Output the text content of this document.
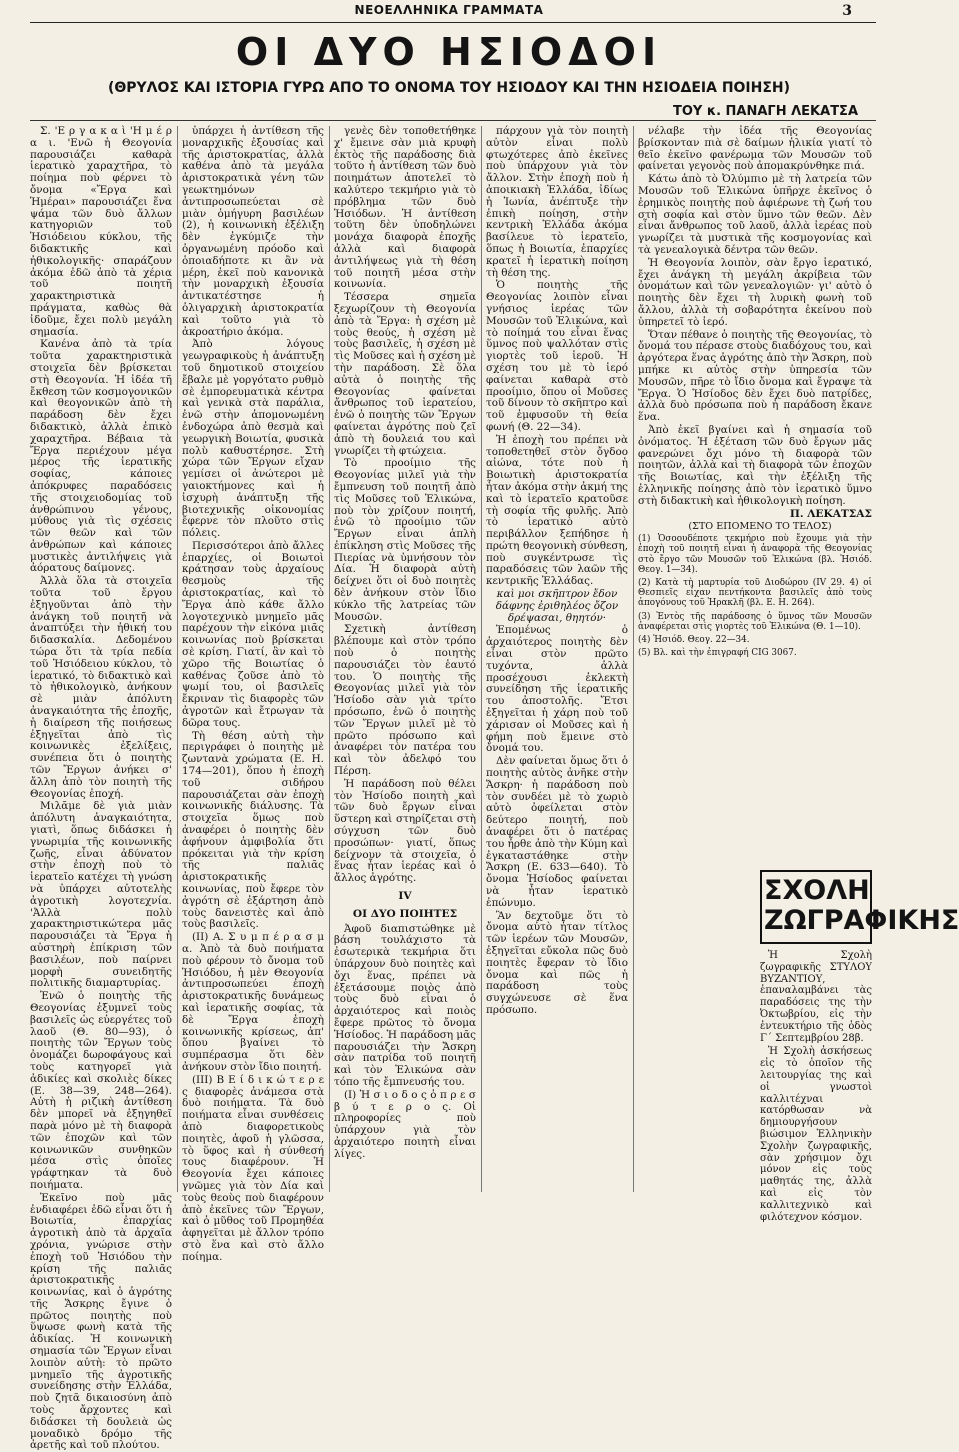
ΝΕΟΕΛΛΗΝΙΚΑ ΓΡΑΜΜΑΤΑ	3
ΟΙ ΔΥΟ ΗΣΙΟΔΟΙ
(ΘΡΥΛΟΣ ΚΑΙ ΙΣΤΟΡΙΑ ΓΥΡΩ ΑΠΟ ΤΟ ΟΝΟΜΑ ΤΟΥ ΗΣΙΟΔΟΥ ΚΑΙ ΤΗΝ ΗΣΙΟΔΕΙΑ ΠΟΙΗΣΗ)
ΤΟΥ κ. ΠΑΝΑΓΗ ΛΕΚΑΤΣΑ

Σ. 'Ε ρ γ α κ α ὶ 'Η μ έ ρ α ι. 'Ενῶ ἡ Θεογονία παρουσιάζει καθαρὰ ἱερατικὸ χαραχτῆρα, τὸ ποίημα ποὺ φέρνει τὸ ὄνομα «Ἔργα καὶ Ἡμέραι» παρουσιάζει ἕνα ψάμα τῶν δυὸ ἄλλων κατηγοριῶν τοῦ Ἡσιόδειου κύκλου, τῆς διδακτικῆς καὶ ἠθικολογικῆς· σπαράζουν ἀκόμα ἐδῶ ἀπὸ τὰ χέρια τοῦ ποιητῆ χαρακτηριστικὰ πράγματα, καθὼς θὰ ἰδοῦμε, ἔχει πολὺ μεγάλη σημασία.

Κανένα ἀπὸ τὰ τρία τοῦτα χαρακτηριστικὰ στοιχεῖα δὲν βρίσκεται στὴ Θεογονία. Ἡ ἰδέα τῆ ἔκθεση τῶν κοσμογονικῶν καὶ θεογονικῶν ἀπὸ τὴ παράδοση δὲν ἔχει διδακτικὸ, ἀλλὰ ἐπικὸ χαραχτῆρα. Βέβαια τὰ Ἔργα περιέχουν μέγα μέρος τῆς ἱερατικῆς σοφίας, κάποιες ἀπόκρυφες παραδόσεις τῆς στοιχειοδομίας τοῦ ἀνθρώπινου γένους, μύθους γιὰ τὶς σχέσεις τῶν θεῶν καὶ τῶν ἀνθρώπων καὶ κάποιες μυστικὲς ἀντιλήψεις γιὰ ἀόρατους δαίμονες.

Ἀλλὰ ὅλα τὰ στοιχεῖα τοῦτα τοῦ ἔργου ἐξηγοῦνται ἀπὸ τὴν ἀνάγκη τοῦ ποιητῆ νὰ ἀναπτύξει τὴν ἠθική του διδασκαλία. Δεδομένου τώρα ὅτι τὰ τρία πεδία τοῦ Ἡσιόδειου κύκλου, τὸ ἱερατικό, τὸ διδακτικὸ καὶ τὸ ἠθικολογικὸ, ἀνήκουν σὲ μιὰν ἀπόλυτη ἀναγκαιότητα τῆς ἐποχῆς, ἡ διαίρεση τῆς ποιήσεως ἐξηγεῖται ἀπὸ τὶς κοινωνικὲς ἐξελίξεις, συνέπεια ὅτι ὁ ποιητὴς τῶν Ἔργων ἀνήκει σ' ἄλλη ἀπὸ τὸν ποιητὴ τῆς Θεογονίας ἐποχή.

Μιλᾶμε δὲ γιὰ μιὰν ἀπόλυτη ἀναγκαιότητα, γιατὶ, ὅπως διδάσκει ἡ γνωριμία τῆς κοινωνικῆς ζωῆς, εἶναι ἀδύνατον στὴν ἐποχὴ ποὺ τὸ ἱερατεῖο κατέχει τὴ γνώση νὰ ὑπάρχει αὐτοτελὴς ἀγροτικὴ λογοτεχνία. 'Ἀλλὰ πολὺ χαρακτηριστικώτερα μᾶς παρουσιάζει τὰ Ἔργα ἡ αὐστηρὴ ἐπίκριση τῶν βασιλέων, ποὺ παίρνει μορφὴ συνειδητῆς πολιτικῆς διαμαρτυρίας.

Ἐνῶ ὁ ποιητὴς τῆς Θεογονίας ἐξυμνεῖ τοὺς βασιλεῖς ὡς εὐεργέτες τοῦ λαοῦ (Θ. 80—93), ὁ ποιητὴς τῶν Ἔργων τοὺς ὀνομάζει δωροφάγους καὶ τοὺς κατηγορεῖ γιὰ ἀδικίες καὶ σκολιὲς δίκες (Ε. 38—39, 248—264). Αὐτὴ ἡ ριζικὴ ἀντίθεση δὲν μπορεῖ νὰ ἐξηγηθεῖ παρὰ μόνο μὲ τὴ διαφορὰ τῶν ἐποχῶν καὶ τῶν κοινωνικῶν συνθηκῶν μέσα στὶς ὁποῖες γράφτηκαν τὰ δυὸ ποιήματα.

Ἐκεῖνο ποὺ μᾶς ἐνδιαφέρει ἐδῶ εἶναι ὅτι ἡ Βοιωτία, ἐπαρχίας ἀγροτικὴ ἀπὸ τὰ ἀρχαῖα χρόνια, γνώρισε στὴν ἐποχὴ τοῦ Ἡσιόδου τὴν κρίση τῆς παλιᾶς ἀριστοκρατικῆς κοινωνίας, καὶ ὁ ἀγρότης τῆς Ἄσκρης ἔγινε ὁ πρῶτος ποιητὴς ποὺ ὕψωσε φωνὴ κατὰ τῆς ἀδικίας. Ἡ κοινωνικὴ σημασία τῶν Ἔργων εἶναι λοιπὸν αὐτὴ: τὸ πρῶτο μνημεῖο τῆς ἀγροτικῆς συνείδησης στὴν Ἑλλάδα, ποὺ ζητᾶ δικαιοσύνη ἀπὸ τοὺς ἄρχοντες καὶ διδάσκει τὴ δουλειὰ ὡς μοναδικὸ δρόμο τῆς ἀρετῆς καὶ τοῦ πλούτου.

ὑπάρχει ἡ ἀντίθεση τῆς μοναρχικῆς ἐξουσίας καὶ τῆς ἀριστοκρατίας, ἀλλὰ καθένα ἀπὸ τὰ μεγάλα ἀριστοκρατικὰ γένη τῶν γεωκτημόνων ἀντιπροσωπεύεται σὲ μιὰν ὁμήγυρη βασιλέων (2), ἡ κοινωνικὴ ἐξέλιξη δὲν ἐγκύμιζε τὴν ὀργανωμένη πρόοδο καὶ ὁποιαδήποτε κι ἂν νὰ μέρη, ἐκεῖ ποὺ κανονικὰ τὴν μοναρχικὴ ἐξουσία ἀντικατέστησε ἡ ὀλιγαρχικὴ ἀριστοκρατία καὶ τοῦτο γιὰ τὸ ἀκροατήριο ἀκόμα.

Ἀπὸ λόγους γεωγραφικοὺς ἡ ἀνάπτυξη τοῦ δημοτικοῦ στοιχείου ἔβαλε μὲ γοργότατο ρυθμὸ σὲ ἐμπορευματικὰ κέντρα καὶ γενικὰ στὰ παράλια, ἐνῶ στὴν ἀπομονωμένη ἐνδοχώρα ἀπὸ θεσμὰ καὶ γεωργικὴ Βοιωτία, φυσικὰ πολὺ καθυστέρησε. Στὴ χώρα τῶν Ἔργων εἴχαν γεμίσει οἱ ἀνώτεροι μὲ γαιοκτήμονες καὶ ἡ ἰσχυρὴ ἀνάπτυξη τῆς βιοτεχνικῆς οἰκονομίας ἔφερνε τὸν πλοῦτο στὶς πόλεις.

Περισσότεροι ἀπὸ ἄλλες ἐπαρχίες, οἱ Βοιωτοὶ κράτησαν τοὺς ἀρχαίους θεσμοὺς τῆς ἀριστοκρατίας, καὶ τὸ Ἔργα ἀπὸ κάθε ἄλλο λογοτεχνικὸ μνημεῖο μᾶς παρέχουν τὴν εἰκόνα μιᾶς κοινωνίας ποὺ βρίσκεται σὲ κρίση. Γιατί, ἂν καὶ τὸ χῶρο τῆς Βοιωτίας ὁ καθένας ζοῦσε ἀπὸ τὸ ψωμί του, οἱ βασιλεῖς ἔκριναν τὶς διαφορὲς τῶν ἀγροτῶν καὶ ἔτρωγαν τὰ δῶρα τους.

Τὴ θέση αὐτὴ τὴν περιγράφει ὁ ποιητὴς μὲ ζωντανὰ χρώματα (Ε. Η. 174—201), ὅπου ἡ ἐποχὴ τοῦ σιδήρου παρουσιάζεται σὰν ἐποχὴ κοινωνικῆς διάλυσης. Τὰ στοιχεῖα ὅμως ποὺ ἀναφέρει ὁ ποιητὴς δὲν ἀφήνουν ἀμφιβολία ὅτι πρόκειται γιὰ τὴν κρίση τῆς παλιᾶς ἀριστοκρατικῆς κοινωνίας, ποὺ ἔφερε τὸν ἀγρότη σὲ ἐξάρτηση ἀπὸ τοὺς δανειστὲς καὶ ἀπὸ τοὺς βασιλεῖς.

(ΙΙ) Α. Σ υ μ π έ ρ α σ μ α. Ἀπὸ τὰ δυὸ ποιήματα ποὺ φέρουν τὸ ὄνομα τοῦ Ἡσιόδου, ἡ μὲν Θεογονία ἀντιπροσωπεύει ἐποχὴ ἀριστοκρατικῆς δυνάμεως καὶ ἱερατικῆς σοφίας, τὰ δὲ Ἔργα ἐποχὴ κοινωνικῆς κρίσεως, ἀπ' ὅπου βγαίνει τὸ συμπέρασμα ὅτι δὲν ἀνήκουν στὸν ἴδιο ποιητή.

(ΙΙΙ) Β Ε ί δ ι κ ώ τ ε ρ ε ς διαφορὲς ἀνάμεσα στὰ δυὸ ποιήματα. Τὰ δυὸ ποιήματα εἶναι συνθέσεις ἀπὸ διαφορετικοὺς ποιητὲς, ἀφοῦ ἡ γλῶσσα, τὸ ὕφος καὶ ἡ σύνθεσή τους διαφέρουν. Ἡ Θεογονία ἔχει κάποιες γνῶμες γιὰ τὸν Δία καὶ τοὺς θεοὺς ποὺ διαφέρουν ἀπὸ ἐκεῖνες τῶν Ἔργων, καὶ ὁ μῦθος τοῦ Προμηθέα ἀφηγεῖται μὲ ἄλλον τρόπο στὸ ἕνα καὶ στὸ ἄλλο ποίημα.

γενὲς δὲν τοποθετήθηκε χ' ἔμεινε σὰν μιὰ κρυφὴ ἐκτὸς τῆς παράδοσης διὰ τοῦτο ἡ ἀντίθεση τῶν δυὸ ποιημάτων ἀποτελεῖ τὸ καλύτερο τεκμήριο γιὰ τὸ πρόβλημα τῶν δυὸ Ἡσιόδων. Ἡ ἀντίθεση τοῦτη δὲν ὑποδηλώνει μονάχα διαφορὰ ἐποχῆς ἀλλὰ καὶ διαφορὰ ἀντιλήψεως γιὰ τὴ θέση τοῦ ποιητῆ μέσα στὴν κοινωνία.

Τέσσερα σημεῖα ξεχωρίζουν τὴ Θεογονία ἀπὸ τὰ Ἔργα: ἡ σχέση μὲ τοὺς θεούς, ἡ σχέση μὲ τοὺς βασιλεῖς, ἡ σχέση μὲ τὶς Μοῦσες καὶ ἡ σχέση μὲ τὴν παράδοση. Σὲ ὅλα αὐτὰ ὁ ποιητὴς τῆς Θεογονίας φαίνεται ἄνθρωπος τοῦ ἱερατείου, ἐνῶ ὁ ποιητὴς τῶν Ἔργων φαίνεται ἀγρότης ποὺ ζεῖ ἀπὸ τὴ δουλειά του καὶ γνωρίζει τὴ φτώχεια.

Τὸ προοίμιο τῆς Θεογονίας μιλεῖ γιὰ τὴν ἔμπνευση τοῦ ποιητῆ ἀπὸ τὶς Μοῦσες τοῦ Ἑλικώνα, ποὺ τὸν χρίζουν ποιητή, ἐνῶ τὸ προοίμιο τῶν Ἔργων εἶναι ἀπλὴ ἐπίκληση στὶς Μοῦσες τῆς Πιερίας νὰ ὑμνήσουν τὸν Δία. Ἡ διαφορὰ αὐτὴ δείχνει ὅτι οἱ δυὸ ποιητὲς δὲν ἀνήκουν στὸν ἴδιο κύκλο τῆς λατρείας τῶν Μουσῶν.

Σχετικὴ ἀντίθεση βλέπουμε καὶ στὸν τρόπο ποὺ ὁ ποιητὴς παρουσιάζει τὸν ἑαυτό του. Ὁ ποιητὴς τῆς Θεογονίας μιλεῖ γιὰ τὸν Ἡσίοδο σὰν γιὰ τρίτο πρόσωπο, ἐνῶ ὁ ποιητὴς τῶν Ἔργων μιλεῖ μὲ τὸ πρῶτο πρόσωπο καὶ ἀναφέρει τὸν πατέρα του καὶ τὸν ἀδελφό του Πέρση.

Ἡ παράδοση ποὺ θέλει τὸν Ἡσίοδο ποιητὴ καὶ τῶν δυὸ ἔργων εἶναι ὕστερη καὶ στηρίζεται στὴ σύγχυση τῶν δυὸ προσώπων· γιατί, ὅπως δείχνουν τὰ στοιχεῖα, ὁ ἕνας ἦταν ἱερέας καὶ ὁ ἄλλος ἀγρότης.

IV

ΟΙ ΔΥΟ ΠΟΙΗΤΕΣ

Ἀφοῦ διαπιστώθηκε μὲ βάση τουλάχιστο τὰ ἐσωτερικὰ τεκμήρια ὅτι ὑπάρχουν δυὸ ποιητὲς καὶ ὄχι ἕνας, πρέπει νὰ ἐξετάσουμε ποιὸς ἀπὸ τοὺς δυὸ εἶναι ὁ ἀρχαιότερος καὶ ποιὸς ἔφερε πρῶτος τὸ ὄνομα Ἡσίοδος. Ἡ παράδοση μᾶς παρουσιάζει τὴν Ἄσκρη σὰν πατρίδα τοῦ ποιητῆ καὶ τὸν Ἑλικώνα σὰν τόπο τῆς ἔμπνευσής του.

(Ι) Ἡ σ ι ο δ ο ς ὁ π ρ ε σ β ύ τ ε ρ ο ς. Οἱ πληροφορίες ποὺ ὑπάρχουν γιὰ τὸν ἀρχαιότερο ποιητὴ εἶναι λίγες.

πάρχουν γιὰ τὸν ποιητὴ αὐτὸν εἶναι πολὺ φτωχότερες ἀπὸ ἐκεῖνες ποὺ ὑπάρχουν γιὰ τὸν ἄλλον. Στὴν ἐποχὴ ποὺ ἡ ἀποικιακὴ Ἑλλάδα, ἰδίως ἡ Ἰωνία, ἀνέπτυξε τὴν ἐπικὴ ποίηση, στὴν κεντρικὴ Ἑλλάδα ἀκόμα βασίλευε τὸ ἱερατεῖο, ὅπως ἡ Βοιωτία, ἐπαρχίες κρατεῖ ἡ ἱερατικὴ ποίηση τὴ θέση της.

Ὁ ποιητὴς τῆς Θεογονίας λοιπὸν εἶναι γνήσιος ἱερέας τῶν Μουσῶν τοῦ Ἑλικώνα, καὶ τὸ ποίημά του εἶναι ἕνας ὕμνος ποὺ ψαλλόταν στὶς γιορτὲς τοῦ ἱεροῦ. Ἡ σχέση του μὲ τὸ ἱερό φαίνεται καθαρὰ στὸ προοίμιο, ὅπου οἱ Μοῦσες τοῦ δίνουν τὸ σκῆπτρο καὶ τοῦ ἐμφυσοῦν τὴ θεία φωνή (Θ. 22—34).

Ἡ ἐποχὴ του πρέπει νὰ τοποθετηθεῖ στὸν ὄγδοο αἰώνα, τότε ποὺ ἡ Βοιωτικὴ ἀριστοκρατία ἦταν ἀκόμα στὴν ἀκμή της καὶ τὸ ἱερατεῖο κρατοῦσε τὴ σοφία τῆς φυλῆς. Ἀπὸ τὸ ἱερατικὸ αὐτὸ περιβάλλον ξεπήδησε ἡ πρώτη θεογονικὴ σύνθεση, ποὺ συγκέντρωσε τὶς παραδόσεις τῶν λαῶν τῆς κεντρικῆς Ἑλλάδας.

καὶ μοι σκῆπτρον ἔδον δάφνης ἐριθηλέος ὄζον δρέψασαι, θηητόν·

Ἐπομένως ὁ ἀρχαιότερος ποιητὴς δὲν εἶναι στὸν πρῶτο τυχόντα, ἀλλὰ προσέχουσι ἐκλεκτὴ συνείδηση τῆς ἱερατικῆς του ἀποστολῆς. Ἔτσι ἐξηγεῖται ἡ χάρη ποὺ τοῦ χάρισαν οἱ Μοῦσες καὶ ἡ φήμη ποὺ ἔμεινε στὸ ὄνομά του.

Δὲν φαίνεται ὅμως ὅτι ὁ ποιητὴς αὐτὸς ἀνῆκε στὴν Ἄσκρη· ἡ παράδοση ποὺ τὸν συνδέει μὲ τὸ χωριὸ αὐτὸ ὀφείλεται στὸν δεύτερο ποιητή, ποὺ ἀναφέρει ὅτι ὁ πατέρας του ἦρθε ἀπὸ τὴν Κύμη καὶ ἐγκαταστάθηκε στὴν Ἄσκρη (Ε. 633—640). Τὸ ὄνομα Ἡσίοδος φαίνεται νὰ ἦταν ἱερατικὸ ἐπώνυμο.

Ἂν δεχτοῦμε ὅτι τὸ ὄνομα αὐτὸ ἦταν τίτλος τῶν ἱερέων τῶν Μουσῶν, ἐξηγεῖται εὔκολα πῶς δυὸ ποιητὲς ἔφεραν τὸ ἴδιο ὄνομα καὶ πῶς ἡ παράδοση τοὺς συγχώνευσε σὲ ἕνα πρόσωπο.

νέλαβε τὴν ἰδέα τῆς Θεογονίας βρίσκονταν πιὰ σὲ δαίμων ἡλικία γιατί τὸ θεῖο ἐκεῖνο φανέρωμα τῶν Μουσῶν τοῦ φαίνεται γεγονὸς ποὺ ἀπομακρύνθηκε πιά.

Κάτω ἀπὸ τὸ Ὀλύμπιο μὲ τὴ λατρεία τῶν Μουσῶν τοῦ Ἑλικώνα ὑπῆρχε ἐκεῖνος ὁ ἐρημικὸς ποιητὴς ποὺ ἀφιέρωνε τὴ ζωή του στὴ σοφία καὶ στὸν ὕμνο τῶν θεῶν. Δὲν εἶναι ἄνθρωπος τοῦ λαοῦ, ἀλλὰ ἱερέας ποὺ γνωρίζει τὰ μυστικὰ τῆς κοσμογονίας καὶ τὰ γενεαλογικὰ δέντρα τῶν θεῶν.

Ἡ Θεογονία λοιπὸν, σὰν ἔργο ἱερατικό, ἔχει ἀνάγκη τὴ μεγάλη ἀκρίβεια τῶν ὀνομάτων καὶ τῶν γενεαλογιῶν· γι' αὐτὸ ὁ ποιητὴς δὲν ἔχει τὴ λυρικὴ φωνὴ τοῦ ἄλλου, ἀλλὰ τὴ σοβαρότητα ἐκείνου ποὺ ὑπηρετεῖ τὸ ἱερό.

Ὅταν πέθανε ὁ ποιητὴς τῆς Θεογονίας, τὸ ὄνομά του πέρασε στοὺς διαδόχους του, καὶ ἀργότερα ἕνας ἀγρότης ἀπὸ τὴν Ἄσκρη, ποὺ μπήκε κι αὐτὸς στὴν ὑπηρεσία τῶν Μουσῶν, πῆρε τὸ ἴδιο ὄνομα καὶ ἔγραψε τὰ Ἔργα. Ὁ Ἡσίοδος δὲν ἔχει δυὸ πατρίδες, ἀλλὰ δυὸ πρόσωπα ποὺ ἡ παράδοση ἔκανε ἕνα.

Ἀπὸ ἐκεῖ βγαίνει καὶ ἡ σημασία τοῦ ὀνόματος. Ἡ ἐξέταση τῶν δυὸ ἔργων μᾶς φανερώνει ὄχι μόνο τὴ διαφορὰ τῶν ποιητῶν, ἀλλὰ καὶ τὴ διαφορὰ τῶν ἐποχῶν τῆς Βοιωτίας, καὶ τὴν ἐξέλιξη τῆς ἑλληνικῆς ποίησης ἀπὸ τὸν ἱερατικὸ ὕμνο στὴ διδακτικὴ καὶ ἠθικολογικὴ ποίηση.

Π. ΛΕΚΑΤΣΑΣ

(ΣΤΟ ΕΠΟΜΕΝΟ ΤΟ ΤΕΛΟΣ)

(1) Ὁσοουδέποτε τεκμήριο ποὺ ἔχουμε γιὰ τὴν ἐποχὴ τοῦ ποιητῆ εἶναι ἡ ἀναφορὰ τῆς Θεογονίας στὸ ἔργο τῶν Μουσῶν τοῦ Ἑλικώνα (βλ. Ἡσιόδ. Θεογ. 1—34).

(2) Κατὰ τὴ μαρτυρία τοῦ Διοδώρου (ΙV 29. 4) οἱ Θεσπιεῖς εἶχαν πεντήκοντα βασιλεῖς ἀπὸ τοὺς ἀπογόνους τοῦ Ἡρακλῆ (βλ. Ε. Η. 264).

(3) Ἐντὸς τῆς παράδοσης ὁ ὕμνος τῶν Μουσῶν ἀναφέρεται στὶς γιορτὲς τοῦ Ἑλικώνα (Θ. 1—10).

(4) Ἡσιόδ. Θεογ. 22—34.

(5) Βλ. καὶ τὴν ἐπιγραφή CIG 3067.

ΣΧΟΛΗ ΖΩΓΡΑΦΙΚΗΣ

Ἡ Σχολὴ ζωγραφικῆς ΣΤΥΛΟΥ ΒΥΖΑΝΤΙΟΥ, ἐπαναλαμβάνει τὰς παραδόσεις της τὴν Ὀκτωβρίου, εἰς τὴν ἐντευκτήριο τῆς ὁδὸς Γ΄ Σεπτεμβρίου 28β.

Ἡ Σχολὴ ἀσκήσεως εἰς τὸ ὁποῖον τῆς λειτουργίας της καὶ οἱ γνωστοὶ καλλιτέχναι κατόρθωσαν νὰ δημιουργήσουν βιώσιμον Ἑλληνικὴν Σχολὴν ζωγραφικῆς, σὰν χρήσιμον ὄχι μόνον εἰς τοὺς μαθητάς της, ἀλλὰ καὶ εἰς τὸν καλλιτεχνικὸ καὶ φιλότεχνον κόσμον.
